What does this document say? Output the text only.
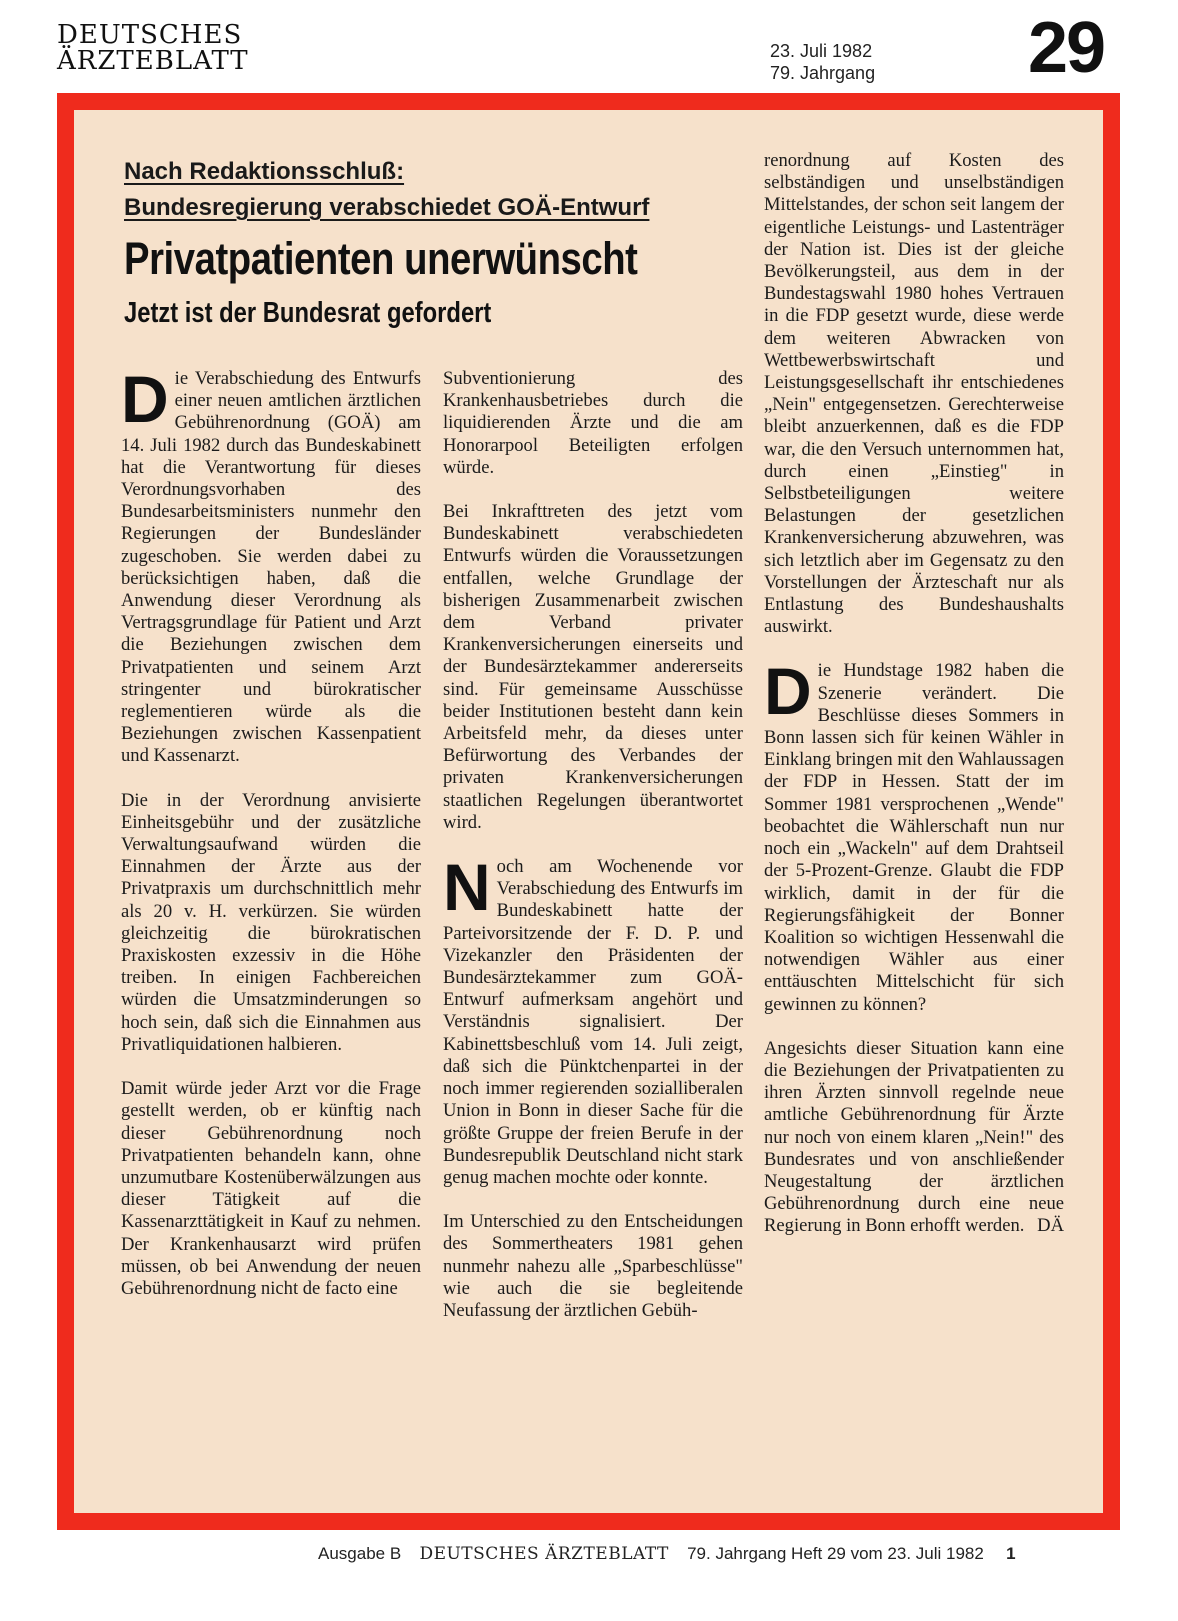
DEUTSCHES
ÄRZTEBLATT	23. Juli 1982
79. Jahrgang 29
Nach Redaktionsschluß:
Bundesregierung verabschiedet GOÄ-Entwurf
Privatpatienten unerwünscht
Jetzt ist der Bundesrat gefordert

Die Verabschiedung des Entwurfs einer neuen amtlichen ärztlichen Gebührenordnung (GOÄ) am 14. Juli 1982 durch das Bundeskabinett hat die Verantwortung für dieses Verordnungsvorhaben des Bundesarbeitsministers nunmehr den Regierungen der Bundesländer zugeschoben. Sie werden dabei zu berücksichtigen haben, daß die Anwendung dieser Verordnung als Vertragsgrundlage für Patient und Arzt die Beziehungen zwischen dem Privatpatienten und seinem Arzt stringenter und bürokratischer reglementieren würde als die Beziehungen zwischen Kassenpatient und Kassenarzt.

Die in der Verordnung anvisierte Einheitsgebühr und der zusätzliche Verwaltungsaufwand würden die Einnahmen der Ärzte aus der Privatpraxis um durchschnittlich mehr als 20 v. H. verkürzen. Sie würden gleichzeitig die bürokratischen Praxiskosten exzessiv in die Höhe treiben. In einigen Fachbereichen würden die Umsatzminderungen so hoch sein, daß sich die Einnahmen aus Privatliquidationen halbieren.

Damit würde jeder Arzt vor die Frage gestellt werden, ob er künftig nach dieser Gebührenordnung noch Privatpatienten behandeln kann, ohne unzumutbare Kostenüberwälzungen aus dieser Tätigkeit auf die Kassenarzttätigkeit in Kauf zu nehmen. Der Krankenhausarzt wird prüfen müssen, ob bei Anwendung der neuen Gebührenordnung nicht de facto eine

Subventionierung des Krankenhausbetriebes durch die liquidierenden Ärzte und die am Honorarpool Beteiligten erfolgen würde.

Bei Inkrafttreten des jetzt vom Bundeskabinett verabschiedeten Entwurfs würden die Voraussetzungen entfallen, welche Grundlage der bisherigen Zusammenarbeit zwischen dem Verband privater Krankenversicherungen einerseits und der Bundesärztekammer andererseits sind. Für gemeinsame Ausschüsse beider Institutionen besteht dann kein Arbeitsfeld mehr, da dieses unter Befürwortung des Verbandes der privaten Krankenversicherungen staatlichen Regelungen überantwortet wird.

Noch am Wochenende vor Verabschiedung des Entwurfs im Bundeskabinett hatte der Parteivorsitzende der F. D. P. und Vizekanzler den Präsidenten der Bundesärztekammer zum GOÄ-Entwurf aufmerksam angehört und Verständnis signalisiert. Der Kabinettsbeschluß vom 14. Juli zeigt, daß sich die Pünktchenpartei in der noch immer regierenden sozialliberalen Union in Bonn in dieser Sache für die größte Gruppe der freien Berufe in der Bundesrepublik Deutschland nicht stark genug machen mochte oder konnte.

Im Unterschied zu den Entscheidungen des Sommertheaters 1981 gehen nunmehr nahezu alle „Sparbeschlüsse" wie auch die sie begleitende Neufassung der ärztlichen Gebüh-

renordnung auf Kosten des selbständigen und unselbständigen Mittelstandes, der schon seit langem der eigentliche Leistungs- und Lastenträger der Nation ist. Dies ist der gleiche Bevölkerungsteil, aus dem in der Bundestagswahl 1980 hohes Vertrauen in die FDP gesetzt wurde, diese werde dem weiteren Abwracken von Wettbewerbswirtschaft und Leistungsgesellschaft ihr entschiedenes „Nein" entgegensetzen. Gerechterweise bleibt anzuerkennen, daß es die FDP war, die den Versuch unternommen hat, durch einen „Einstieg" in Selbstbeteiligungen weitere Belastungen der gesetzlichen Krankenversicherung abzuwehren, was sich letztlich aber im Gegensatz zu den Vorstellungen der Ärzteschaft nur als Entlastung des Bundeshaushalts auswirkt.

Die Hundstage 1982 haben die Szenerie verändert. Die Beschlüsse dieses Sommers in Bonn lassen sich für keinen Wähler in Einklang bringen mit den Wahlaussagen der FDP in Hessen. Statt der im Sommer 1981 versprochenen „Wende" beobachtet die Wählerschaft nun nur noch ein „Wackeln" auf dem Drahtseil der 5-Prozent-Grenze. Glaubt die FDP wirklich, damit in der für die Regierungsfähigkeit der Bonner Koalition so wichtigen Hessenwahl die notwendigen Wähler aus einer enttäuschten Mittelschicht für sich gewinnen zu können?

Angesichts dieser Situation kann eine die Beziehungen der Privatpatienten zu ihren Ärzten sinnvoll regelnde neue amtliche Gebührenordnung für Ärzte nur noch von einem klaren „Nein!" des Bundesrates und von anschließender Neugestaltung der ärztlichen Gebührenordnung durch eine neue Regierung in Bonn erhofft werden. DÄ

Ausgabe B DEUTSCHES ÄRZTEBLATT 79. Jahrgang Heft 29 vom 23. Juli 1982 1
